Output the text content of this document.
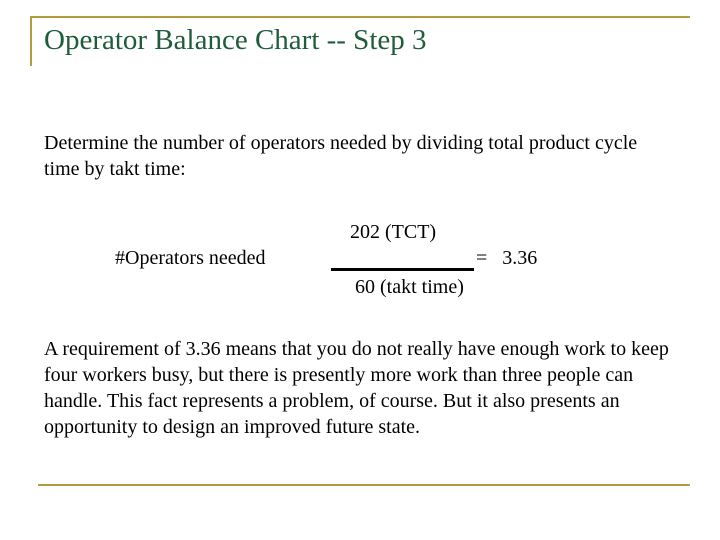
Operator Balance Chart -- Step 3
Determine the number of operators needed by dividing total product cycle time by takt time:
#Operators needed
202 (TCT)
=   3.36
60 (takt time)
A requirement of 3.36 means that you do not really have enough work to keep four workers busy, but there is presently more work than three people can handle. This fact represents a problem, of course. But it also presents an opportunity to design an improved future state.
